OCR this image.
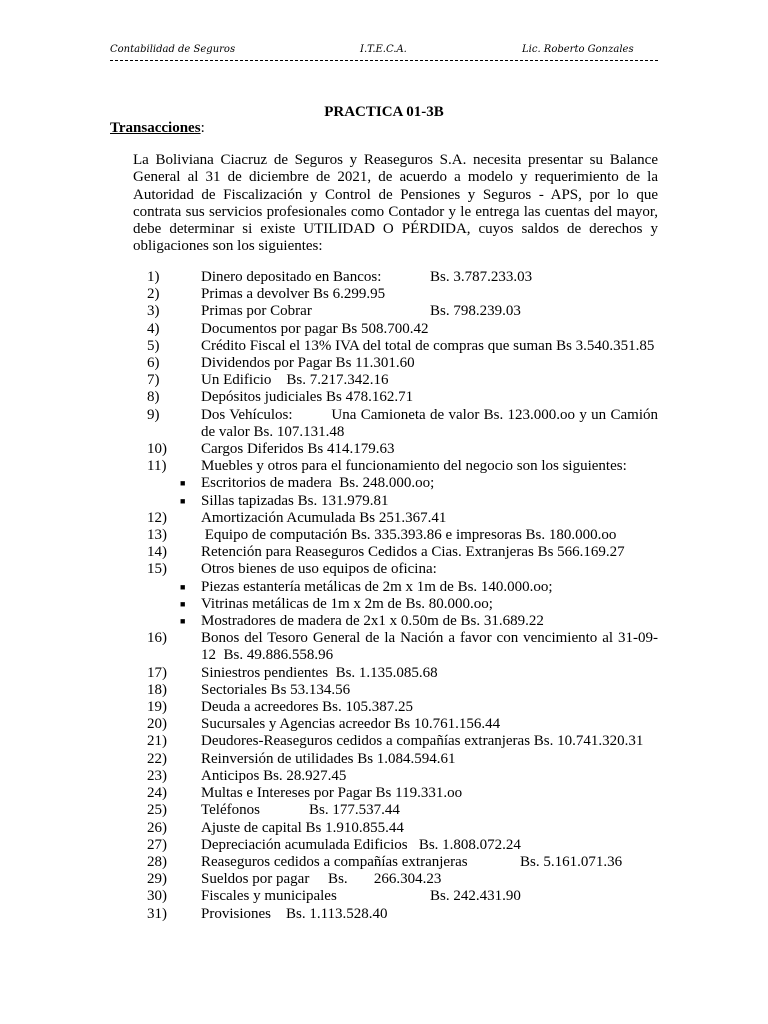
Contabilidad de Seguros	I.T.E.C.A.	Lic. Roberto Gonzales
PRACTICA 01-3B
Transacciones:
La Boliviana Ciacruz de Seguros y Reaseguros S.A. necesita presentar su Balance General al 31 de diciembre de 2021, de acuerdo a modelo y requerimiento de la Autoridad de Fiscalización y Control de Pensiones y Seguros - APS, por lo que contrata sus servicios profesionales como Contador y le entrega las cuentas del mayor, debe determinar si existe UTILIDAD O PÉRDIDA, cuyos saldos de derechos y obligaciones son los siguientes:
1)	Dinero depositado en Bancos:	Bs. 3.787.233.03
2)	Primas a devolver Bs 6.299.95
3)	Primas por Cobrar	Bs. 798.239.03
4)	Documentos por pagar Bs 508.700.42
5)	Crédito Fiscal el 13% IVA del total de compras que suman Bs 3.540.351.85
6)	Dividendos por Pagar Bs 11.301.60
7)	Un Edificio    Bs. 7.217.342.16
8)	Depósitos judiciales Bs 478.162.71
9)	Dos Vehículos:         Una Camioneta de valor Bs. 123.000.oo y un Camión de valor Bs. 107.131.48
10) Cargos Diferidos Bs 414.179.63
11) Muebles y otros para el funcionamiento del negocio son los siguientes:
■ Escritorios de madera  Bs. 248.000.oo;
■ Sillas tapizadas Bs. 131.979.81
12) Amortización Acumulada Bs 251.367.41
13) Equipo de computación Bs. 335.393.86 e impresoras Bs. 180.000.oo
14) Retención para Reaseguros Cedidos a Cias. Extranjeras Bs 566.169.27
15) Otros bienes de uso equipos de oficina:
■ Piezas estantería metálicas de 2m x 1m de Bs. 140.000.oo;
■ Vitrinas metálicas de 1m x 2m de Bs. 80.000.oo;
■ Mostradores de madera de 2x1 x 0.50m de Bs. 31.689.22
16) Bonos del Tesoro General de la Nación a favor con vencimiento al 31-09-12  Bs. 49.886.558.96
17) Siniestros pendientes  Bs. 1.135.085.68
18) Sectoriales Bs 53.134.56
19) Deuda a acreedores Bs. 105.387.25
20) Sucursales y Agencias acreedor Bs 10.761.156.44
21) Deudores-Reaseguros cedidos a compañías extranjeras Bs. 10.741.320.31
22) Reinversión de utilidades Bs 1.084.594.61
23) Anticipos Bs. 28.927.45
24) Multas e Intereses por Pagar Bs 119.331.oo
25) Teléfonos	Bs. 177.537.44
26) Ajuste de capital Bs 1.910.855.44
27) Depreciación acumulada Edificios   Bs. 1.808.072.24
28) Reaseguros cedidos a compañías extranjeras	Bs. 5.161.071.36
29) Sueldos por pagar     Bs.       266.304.23
30) Fiscales y municipales	Bs. 242.431.90
31) Provisiones    Bs. 1.113.528.40
